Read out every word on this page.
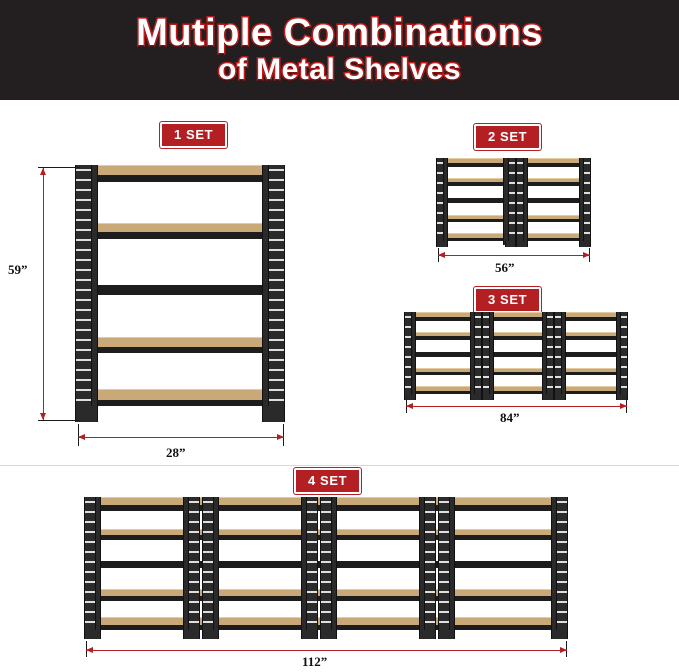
Mutiple Combinations
of Metal Shelves
1 SET
59”
28”
2 SET
56”
3 SET
84”
4 SET
112”
